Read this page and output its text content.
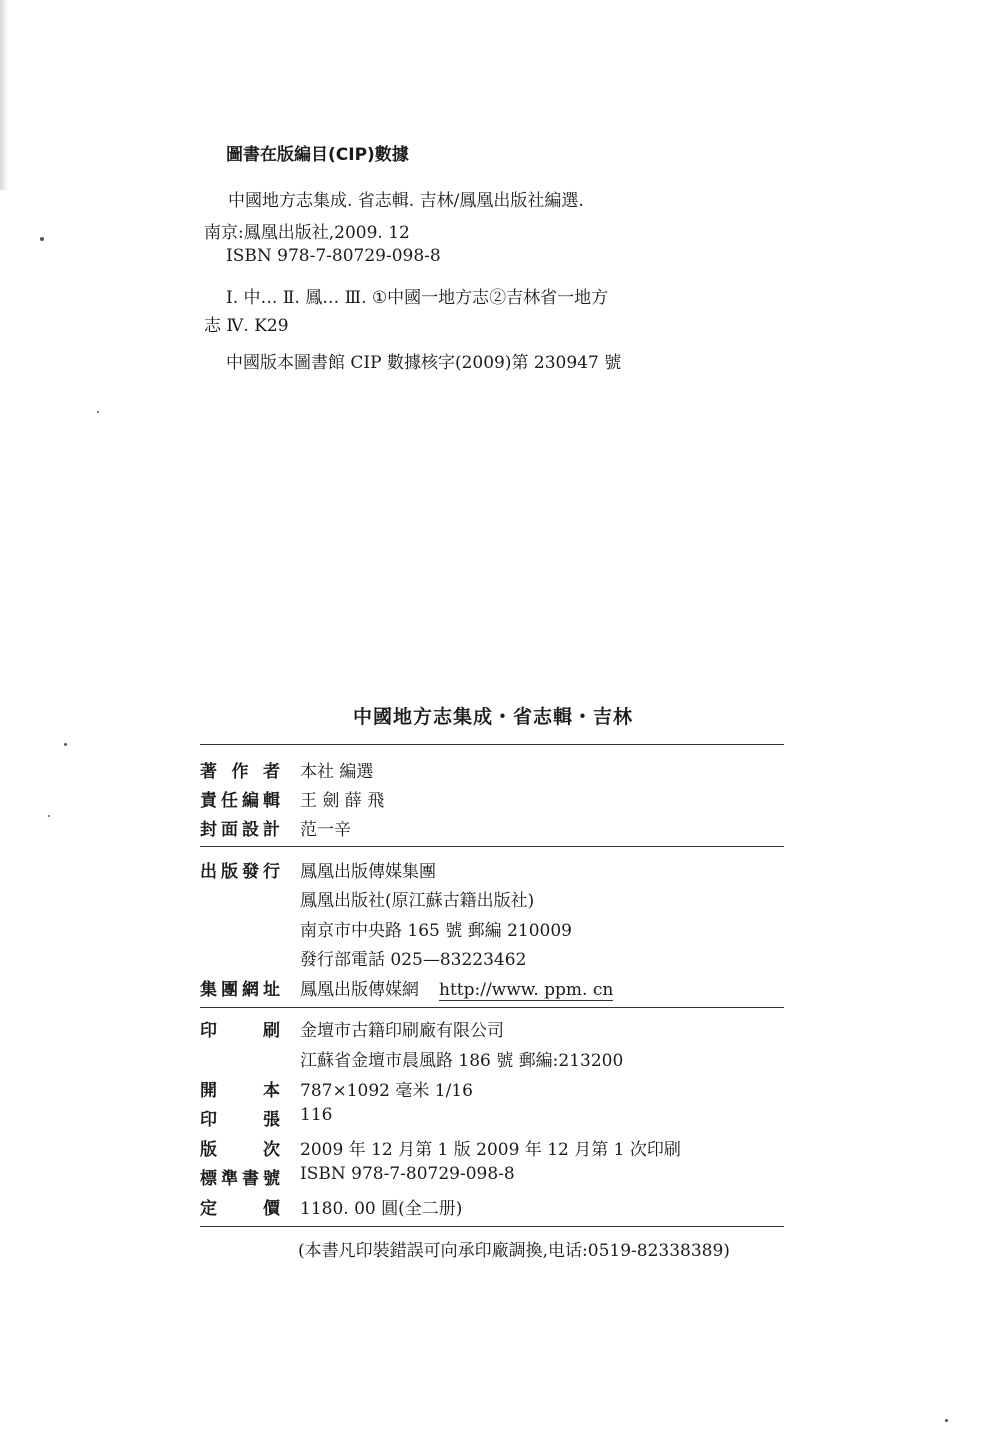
圖書在版編目(CIP)數據
中國地方志集成. 省志輯. 吉林/鳳凰出版社編選.
南京:鳳凰出版社,2009. 12
ISBN 978-7-80729-098-8
Ⅰ. 中… Ⅱ. 鳳… Ⅲ. ①中國一地方志②吉林省一地方
志 Ⅳ. K29
中國版本圖書館 CIP 數據核字(2009)第 230947 號
中國地方志集成・省志輯・吉林
著 作 者 本社 編選
責 任 編 輯 王 劍 薛 飛
封 面 設 計 范一辛
出 版 發 行 鳳凰出版傳媒集團
鳳凰出版社(原江蘇古籍出版社)
南京市中央路 165 號 郵編 210009
發行部電話 025—83223462
集 團 網 址 鳳凰出版傳媒網 http://www. ppm. cn
印	刷 金壇市古籍印刷廠有限公司
江蘇省金壇市晨風路 186 號 郵編:213200
開	本 787×1092 毫米 1/16
印	張 116
版	次 2009 年 12 月第 1 版 2009 年 12 月第 1 次印刷
標 準 書 號 ISBN 978-7-80729-098-8
定	價 1180. 00 圓(全二册)
(本書凡印裝錯誤可向承印廠調換,电话:0519-82338389)
